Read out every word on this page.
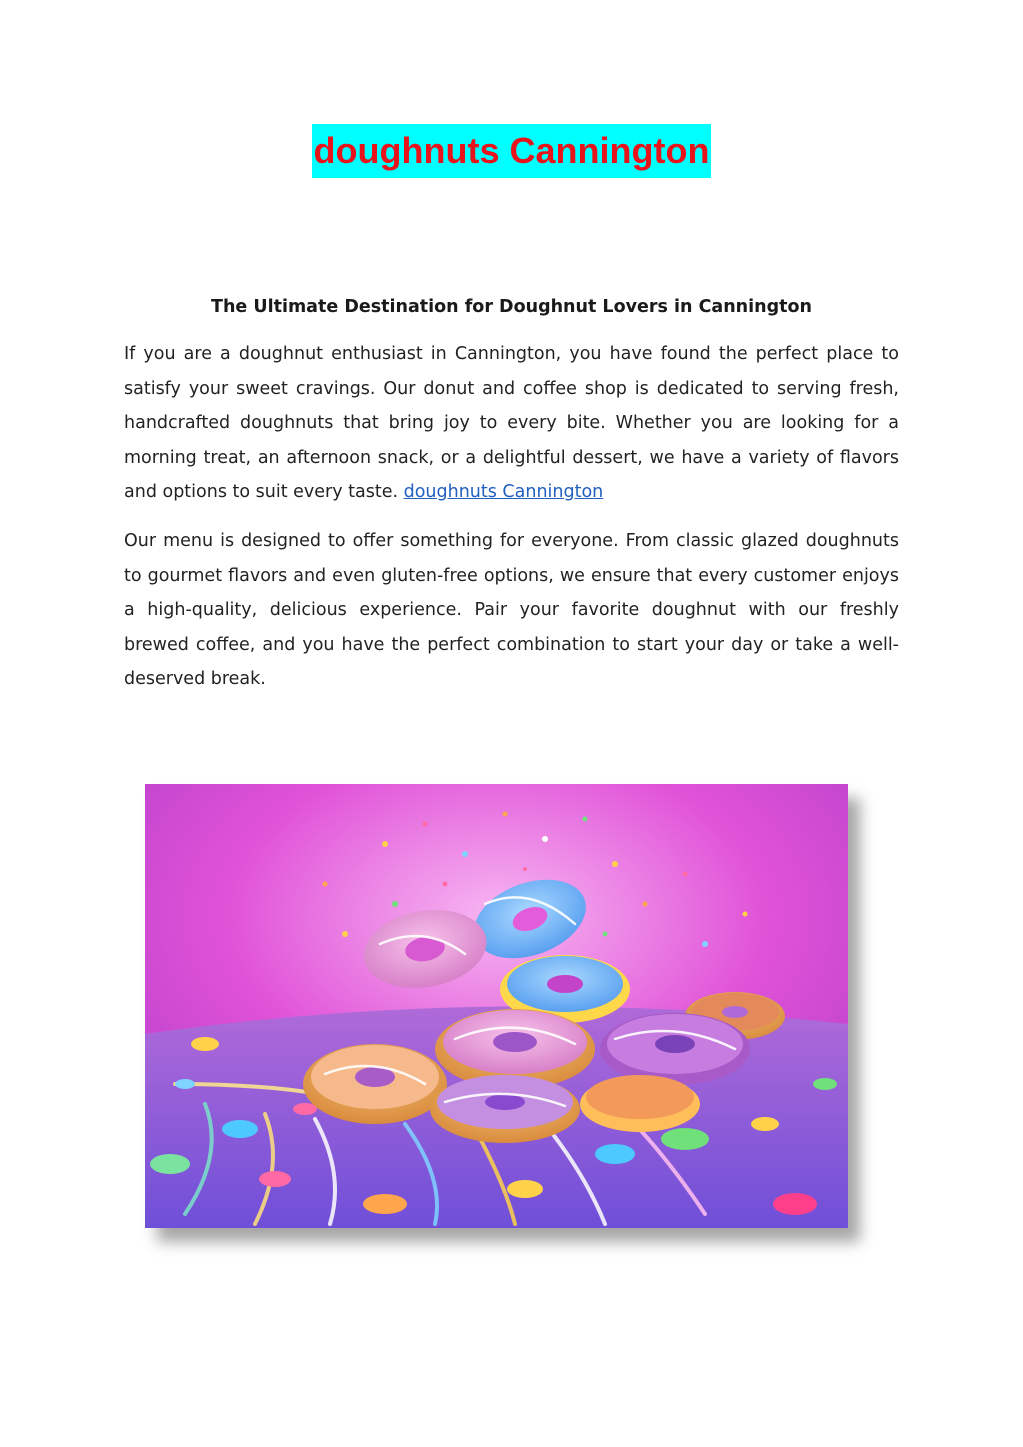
doughnuts Cannington
The Ultimate Destination for Doughnut Lovers in Cannington

If you are a doughnut enthusiast in Cannington, you have found the perfect place to satisfy your sweet cravings. Our donut and coffee shop is dedicated to serving fresh, handcrafted doughnuts that bring joy to every bite. Whether you are looking for a morning treat, an afternoon snack, or a delightful dessert, we have a variety of flavors and options to suit every taste. doughnuts Cannington

Our menu is designed to offer something for everyone. From classic glazed doughnuts to gourmet flavors and even gluten-free options, we ensure that every customer enjoys a high-quality, delicious experience. Pair your favorite doughnut with our freshly brewed coffee, and you have the perfect combination to start your day or take a well-deserved break.
